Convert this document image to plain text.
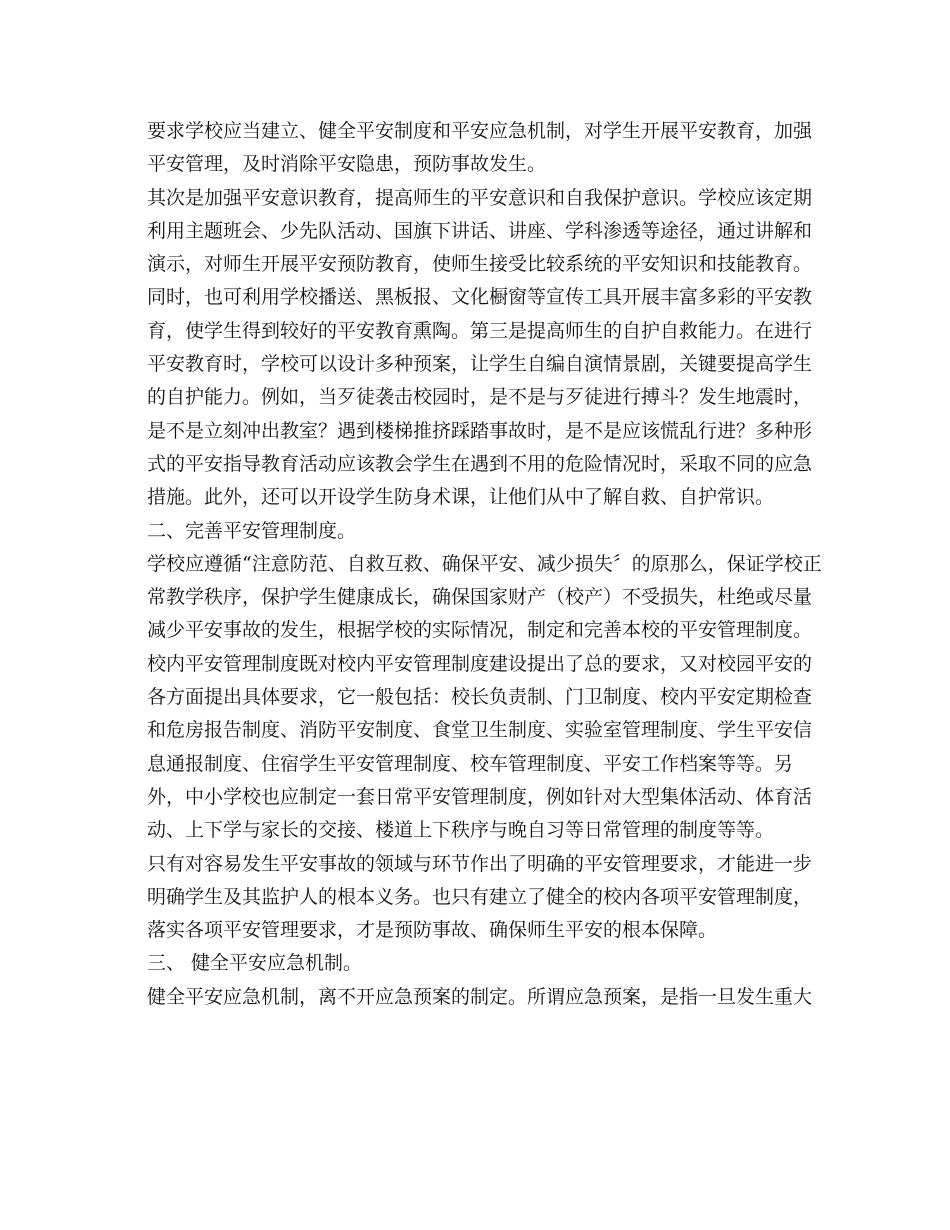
要求学校应当建立、健全平安制度和平安应急机制，对学生开展平安教育，加强
平安管理，及时消除平安隐患，预防事故发生。
其次是加强平安意识教育，提高师生的平安意识和自我保护意识。学校应该定期
利用主题班会、少先队活动、国旗下讲话、讲座、学科渗透等途径，通过讲解和
演示，对师生开展平安预防教育，使师生接受比较系统的平安知识和技能教育。
同时，也可利用学校播送、黑板报、文化橱窗等宣传工具开展丰富多彩的平安教
育，使学生得到较好的平安教育熏陶。第三是提高师生的自护自救能力。在进行
平安教育时，学校可以设计多种预案，让学生自编自演情景剧，关键要提高学生
的自护能力。例如，当歹徒袭击校园时，是不是与歹徒进行搏斗？发生地震时，
是不是立刻冲出教室？遇到楼梯推挤踩踏事故时，是不是应该慌乱行进？多种形
式的平安指导教育活动应该教会学生在遇到不用的危险情况时，采取不同的应急
措施。此外，还可以开设学生防身术课，让他们从中了解自救、自护常识。
二、完善平安管理制度。
学校应遵循“注意防范、自救互救、确保平安、减少损失〞的原那么，保证学校正
常教学秩序，保护学生健康成长，确保国家财产（校产）不受损失，杜绝或尽量
减少平安事故的发生，根据学校的实际情况，制定和完善本校的平安管理制度。
校内平安管理制度既对校内平安管理制度建设提出了总的要求，又对校园平安的
各方面提出具体要求，它一般包括：校长负责制、门卫制度、校内平安定期检查
和危房报告制度、消防平安制度、食堂卫生制度、实验室管理制度、学生平安信
息通报制度、住宿学生平安管理制度、校车管理制度、平安工作档案等等。另
外，中小学校也应制定一套日常平安管理制度，例如针对大型集体活动、体育活
动、上下学与家长的交接、楼道上下秩序与晚自习等日常管理的制度等等。
只有对容易发生平安事故的领域与环节作出了明确的平安管理要求，才能进一步
明确学生及其监护人的根本义务。也只有建立了健全的校内各项平安管理制度，
落实各项平安管理要求，才是预防事故、确保师生平安的根本保障。
三、 健全平安应急机制。
健全平安应急机制，离不开应急预案的制定。所谓应急预案，是指一旦发生重大
